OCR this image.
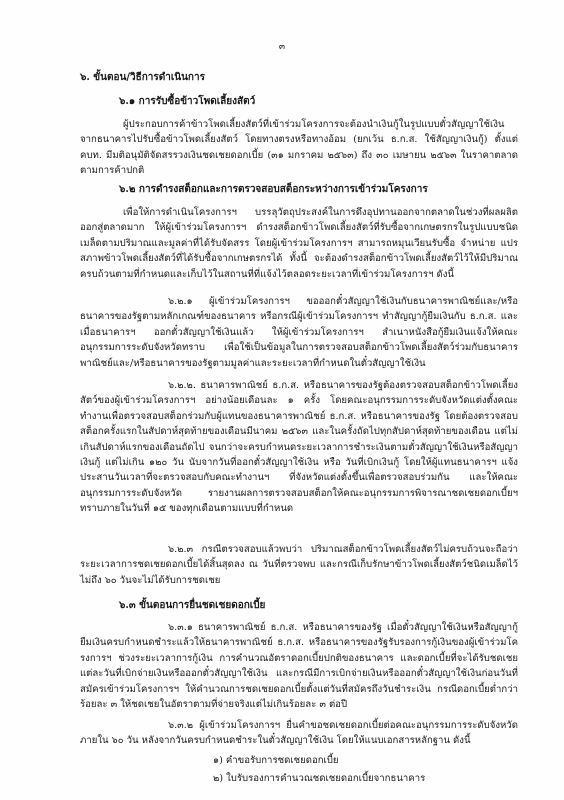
๓
๖. ขั้นตอน/วิธีการดำเนินการ
๖.๑ การรับซื้อข้าวโพดเลี้ยงสัตว์
ผู้ประกอบการค้าข้าวโพดเลี้ยงสัตว์ที่เข้าร่วมโครงการจะต้องนำเงินกู้ในรูปแบบตั๋วสัญญาใช้เงินจากธนาคารไปรับซื้อข้าวโพดเลี้ยงสัตว์ โดยทางตรงหรือทางอ้อม (ยกเว้น ธ.ก.ส. ใช้สัญญาเงินกู้) ตั้งแต่ คบท. มีมติอนุมัติจัดสรรวงเงินชดเชยดอกเบี้ย (๓๑ มกราคม ๒๕๖๓) ถึง ๓๐ เมษายน ๒๕๖๓ ในราคาตลาดตามการค้าปกติ
๖.๒ การดำรงสต็อกและการตรวจสอบสต็อกระหว่างการเข้าร่วมโครงการ
เพื่อให้การดำเนินโครงการฯ บรรลุวัตถุประสงค์ในการดึงอุปทานออกจากตลาดในช่วงที่ผลผลิตออกสู่ตลาดมาก ให้ผู้เข้าร่วมโครงการฯ ดำรงสต็อกข้าวโพดเลี้ยงสัตว์ที่รับซื้อจากเกษตรกรในรูปแบบชนิดเมล็ดตามปริมาณและมูลค่าที่ได้รับจัดสรร โดยผู้เข้าร่วมโครงการฯ สามารถหมุนเวียนรับซื้อ จำหน่าย แปรสภาพข้าวโพดเลี้ยงสัตว์ที่ได้รับซื้อจากเกษตรกรได้ ทั้งนี้ จะต้องดำรงสต็อกข้าวโพดเลี้ยงสัตว์ไว้ให้มีปริมาณครบถ้วนตามที่กำหนดและเก็บไว้ในสถานที่ที่แจ้งไว้ตลอดระยะเวลาที่เข้าร่วมโครงการฯ ดังนี้
๖.๒.๑ ผู้เข้าร่วมโครงการฯ ขอออกตั๋วสัญญาใช้เงินกับธนาคารพาณิชย์และ/หรือธนาคารของรัฐตามหลักเกณฑ์ของธนาคาร หรือกรณีผู้เข้าร่วมโครงการฯ ทำสัญญากู้ยืมเงินกับ ธ.ก.ส. และเมื่อธนาคารฯ ออกตั๋วสัญญาใช้เงินแล้ว ให้ผู้เข้าร่วมโครงการฯ สำเนาหนังสือกู้ยืมเงินแจ้งให้คณะอนุกรรมการระดับจังหวัดทราบ เพื่อใช้เป็นข้อมูลในการตรวจสอบสต็อกข้าวโพดเลี้ยงสัตว์ร่วมกับธนาคารพาณิชย์และ/หรือธนาคารของรัฐตามมูลค่าและระยะเวลาที่กำหนดในตั๋วสัญญาใช้เงิน
๖.๒.๒. ธนาคารพาณิชย์ ธ.ก.ส. หรือธนาคารของรัฐต้องตรวจสอบสต็อกข้าวโพดเลี้ยงสัตว์ของผู้เข้าร่วมโครงการฯ อย่างน้อยเดือนละ ๑ ครั้ง โดยคณะอนุกรรมการระดับจังหวัดแต่งตั้งคณะทำงานเพื่อตรวจสอบสต็อกร่วมกับผู้แทนของธนาคารพาณิชย์ ธ.ก.ส. หรือธนาคารของรัฐ โดยต้องตรวจสอบสต็อกครั้งแรกในสัปดาห์สุดท้ายของเดือนมีนาคม ๒๕๖๓ และในครั้งถัดไปทุกสัปดาห์สุดท้ายของเดือน แต่ไม่เกินสัปดาห์แรกของเดือนถัดไป จนกว่าจะครบกำหนดระยะเวลาการชำระเงินตามตั๋วสัญญาใช้เงินหรือสัญญาเงินกู้ แต่ไม่เกิน ๑๒๐ วัน นับจากวันที่ออกตั๋วสัญญาใช้เงิน หรือ วันที่เบิกเงินกู้ โดยให้ผู้แทนธนาคารฯ แจ้งประสานวันเวลาที่จะตรวจสอบกับคณะทำงานฯ ที่จังหวัดแต่งตั้งขึ้นเพื่อตรวจสอบร่วมกัน และให้คณะอนุกรรมการระดับจังหวัด รายงานผลการตรวจสอบสต็อกให้คณะอนุกรรมการพิจารณาชดเชยดอกเบี้ยฯ ทราบภายในวันที่ ๑๕ ของทุกเดือนตามแบบที่กำหนด
๖.๒.๓ กรณีตรวจสอบแล้วพบว่า ปริมาณสต็อกข้าวโพดเลี้ยงสัตว์ไม่ครบถ้วนจะถือว่าระยะเวลาการชดเชยดอกเบี้ยได้สิ้นสุดลง ณ วันที่ตรวจพบ และกรณีเก็บรักษาข้าวโพดเลี้ยงสัตว์ชนิดเมล็ดไว้ไม่ถึง ๖๐ วันจะไม่ได้รับการชดเชย
๖.๓ ขั้นตอนการยื่นชดเชยดอกเบี้ย
๖.๓.๑ ธนาคารพาณิชย์ ธ.ก.ส. หรือธนาคารของรัฐ เมื่อตั๋วสัญญาใช้เงินหรือสัญญากู้ยืมเงินครบกำหนดชำระแล้วให้ธนาคารพาณิชย์ ธ.ก.ส. หรือธนาคารของรัฐรับรองการกู้เงินของผู้เข้าร่วมโครงการฯ ช่วงระยะเวลาการกู้เงิน การคำนวณอัตราดอกเบี้ยปกติของธนาคาร และดอกเบี้ยที่จะได้รับชดเชยแต่ละวันที่เบิกจ่ายเงินหรือออกตั๋วสัญญาใช้เงิน และกรณีมีการเบิกจ่ายเงินหรือออกตั๋วสัญญาใช้เงินก่อนวันที่สมัครเข้าร่วมโครงการฯ ให้คำนวณการชดเชยดอกเบี้ยตั้งแต่วันที่สมัครถึงวันชำระเงิน กรณีดอกเบี้ยต่ำกว่าร้อยละ ๓ ให้ชดเชยในอัตราตามที่จ่ายจริงแต่ไม่เกินร้อยละ ๓ ต่อปี
๖.๓.๒ ผู้เข้าร่วมโครงการฯ ยื่นคำขอชดเชยดอกเบี้ยต่อคณะอนุกรรมการระดับจังหวัดภายใน ๖๐ วัน หลังจากวันครบกำหนดชำระในตั๋วสัญญาใช้เงิน โดยให้แนบเอกสารหลักฐาน ดังนี้
๑) คำขอรับการชดเชยดอกเบี้ย
๒) ใบรับรองการคำนวณชดเชยดอกเบี้ยจากธนาคาร
